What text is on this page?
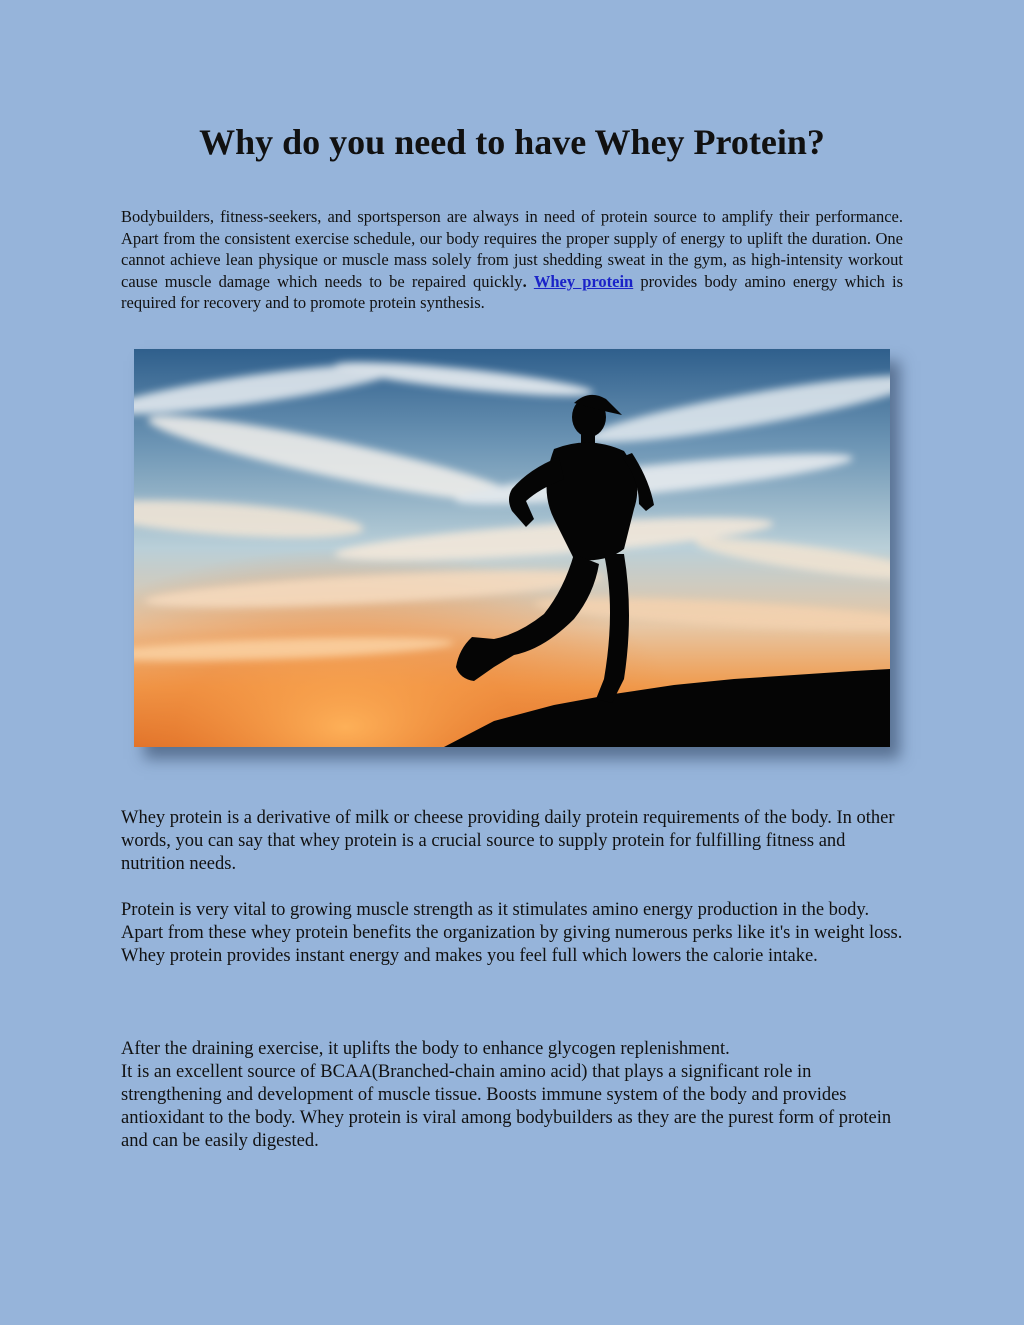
Why do you need to have Whey Protein?

Bodybuilders, fitness-seekers, and sportsperson are always in need of protein source to amplify their performance. Apart from the consistent exercise schedule, our body requires the proper supply of energy to uplift the duration. One cannot achieve lean physique or muscle mass solely from just shedding sweat in the gym, as high-intensity workout cause muscle damage which needs to be repaired quickly. Whey protein provides body amino energy which is required for recovery and to promote protein synthesis.

Whey protein is a derivative of milk or cheese providing daily protein requirements of the body. In other words, you can say that whey protein is a crucial source to supply protein for fulfilling fitness and nutrition needs.

Protein is very vital to growing muscle strength as it stimulates amino energy production in the body. Apart from these whey protein benefits the organization by giving numerous perks like it's in weight loss. Whey protein provides instant energy and makes you feel full which lowers the calorie intake.

After the draining exercise, it uplifts the body to enhance glycogen replenishment.
It is an excellent source of BCAA(Branched-chain amino acid) that plays a significant role in strengthening and development of muscle tissue. Boosts immune system of the body and provides antioxidant to the body. Whey protein is viral among bodybuilders as they are the purest form of protein and can be easily digested.
